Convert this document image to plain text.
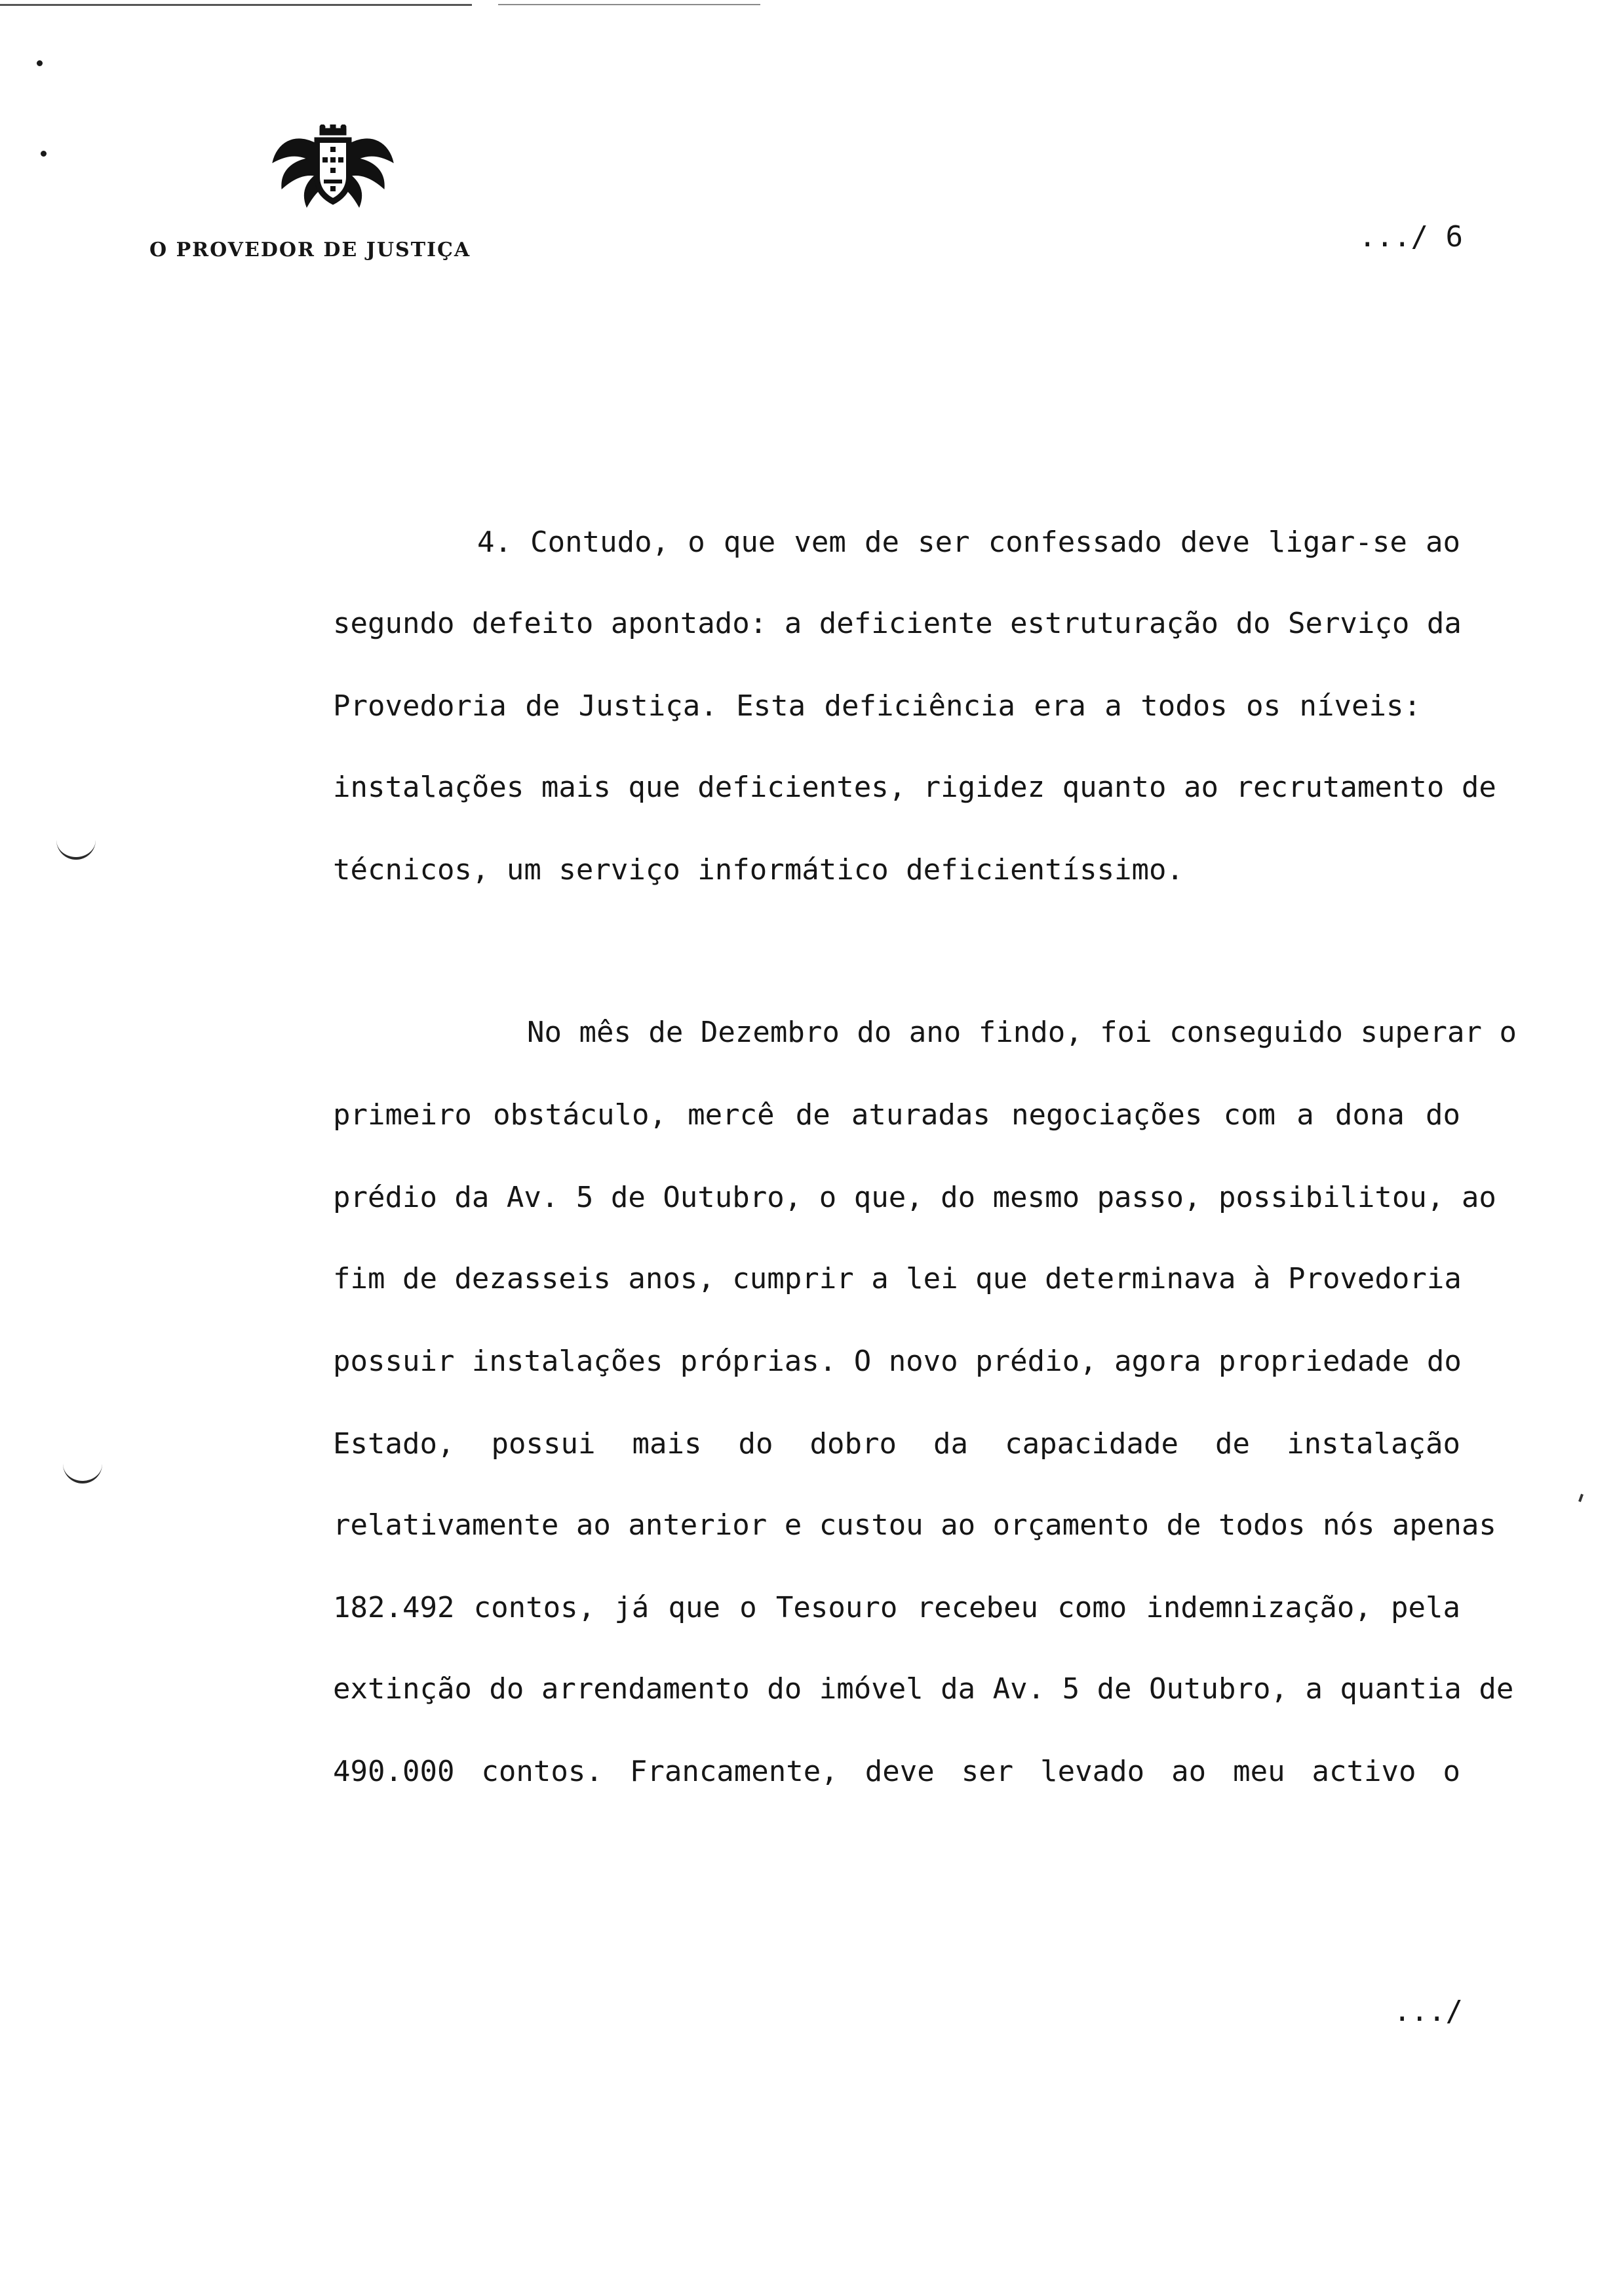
O PROVEDOR DE JUSTIÇA	.../ 6
4. Contudo, o que vem de ser confessado deve ligar-se ao
segundo defeito apontado: a deficiente estruturação do Serviço da
Provedoria de Justiça. Esta deficiência era a todos os níveis:
instalações mais que deficientes, rigidez quanto ao recrutamento de
técnicos, um serviço informático deficientíssimo.
No mês de Dezembro do ano findo, foi conseguido superar o
primeiro obstáculo, mercê de aturadas negociações com a dona do
prédio da Av. 5 de Outubro, o que, do mesmo passo, possibilitou, ao
fim de dezasseis anos, cumprir a lei que determinava à Provedoria
possuir instalações próprias. O novo prédio, agora propriedade do
Estado, possui mais do dobro da capacidade de instalação
relativamente ao anterior e custou ao orçamento de todos nós apenas
182.492 contos, já que o Tesouro recebeu como indemnização, pela
extinção do arrendamento do imóvel da Av. 5 de Outubro, a quantia de
490.000 contos. Francamente, deve ser levado ao meu activo o
.../
